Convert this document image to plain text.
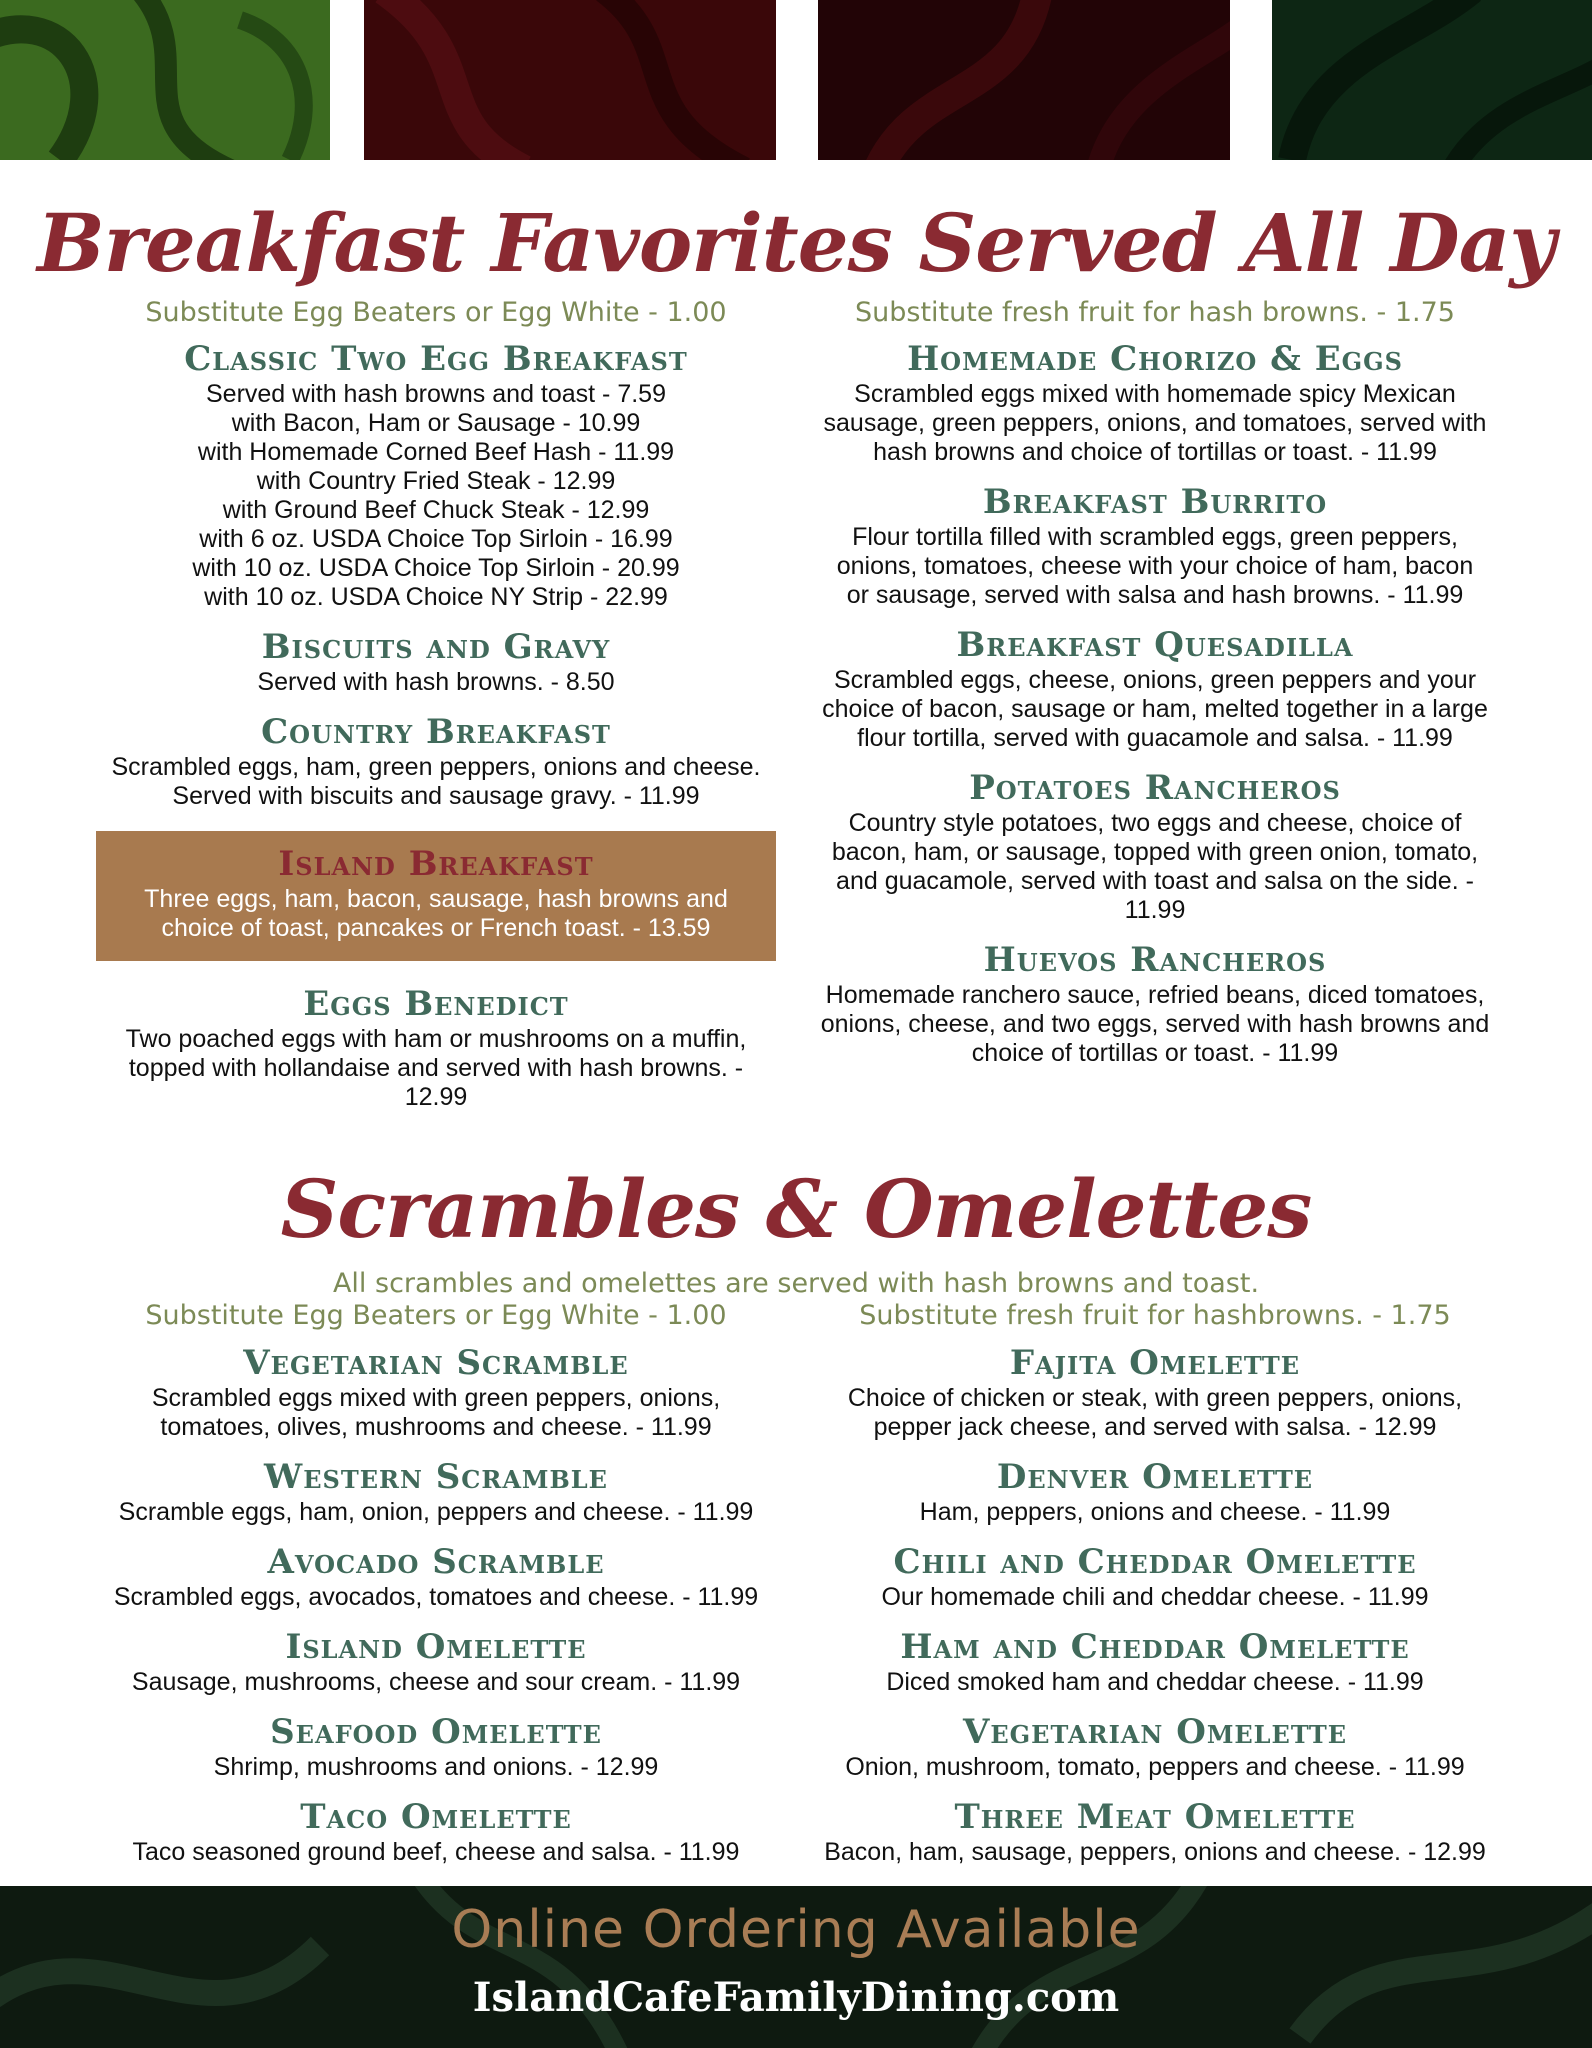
Breakfast Favorites Served All Day
Substitute Egg Beaters or Egg White - 1.00	Substitute fresh fruit for hash browns. - 1.75
Classic Two Egg Breakfast
Served with hash browns and toast - 7.59
with Bacon, Ham or Sausage - 10.99
with Homemade Corned Beef Hash - 11.99
with Country Fried Steak - 12.99
with Ground Beef Chuck Steak - 12.99
with 6 oz. USDA Choice Top Sirloin - 16.99
with 10 oz. USDA Choice Top Sirloin - 20.99
with 10 oz. USDA Choice NY Strip - 22.99
Biscuits and Gravy
Served with hash browns. - 8.50
Country Breakfast
Scrambled eggs, ham, green peppers, onions and cheese.
Served with biscuits and sausage gravy. - 11.99
Island Breakfast
Three eggs, ham, bacon, sausage, hash browns and
choice of toast, pancakes or French toast. - 13.59
Eggs Benedict
Two poached eggs with ham or mushrooms on a muffin,
topped with hollandaise and served with hash browns. -
12.99
Homemade Chorizo & Eggs
Scrambled eggs mixed with homemade spicy Mexican
sausage, green peppers, onions, and tomatoes, served with
hash browns and choice of tortillas or toast. - 11.99
Breakfast Burrito
Flour tortilla filled with scrambled eggs, green peppers,
onions, tomatoes, cheese with your choice of ham, bacon
or sausage, served with salsa and hash browns. - 11.99
Breakfast Quesadilla
Scrambled eggs, cheese, onions, green peppers and your
choice of bacon, sausage or ham, melted together in a large
flour tortilla, served with guacamole and salsa. - 11.99
Potatoes Rancheros
Country style potatoes, two eggs and cheese, choice of
bacon, ham, or sausage, topped with green onion, tomato,
and guacamole, served with toast and salsa on the side. -
11.99
Huevos Rancheros
Homemade ranchero sauce, refried beans, diced tomatoes,
onions, cheese, and two eggs, served with hash browns and
choice of tortillas or toast. - 11.99
Scrambles & Omelettes
All scrambles and omelettes are served with hash browns and toast.
Substitute Egg Beaters or Egg White - 1.00	Substitute fresh fruit for hashbrowns. - 1.75
Vegetarian Scramble
Scrambled eggs mixed with green peppers, onions,
tomatoes, olives, mushrooms and cheese. - 11.99
Western Scramble
Scramble eggs, ham, onion, peppers and cheese. - 11.99
Avocado Scramble
Scrambled eggs, avocados, tomatoes and cheese. - 11.99
Island Omelette
Sausage, mushrooms, cheese and sour cream. - 11.99
Seafood Omelette
Shrimp, mushrooms and onions. - 12.99
Taco Omelette
Taco seasoned ground beef, cheese and salsa. - 11.99
Fajita Omelette
Choice of chicken or steak, with green peppers, onions,
pepper jack cheese, and served with salsa. - 12.99
Denver Omelette
Ham, peppers, onions and cheese. - 11.99
Chili and Cheddar Omelette
Our homemade chili and cheddar cheese. - 11.99
Ham and Cheddar Omelette
Diced smoked ham and cheddar cheese. - 11.99
Vegetarian Omelette
Onion, mushroom, tomato, peppers and cheese. - 11.99
Three Meat Omelette
Bacon, ham, sausage, peppers, onions and cheese. - 12.99
Online Ordering Available
IslandCafeFamilyDining.com
